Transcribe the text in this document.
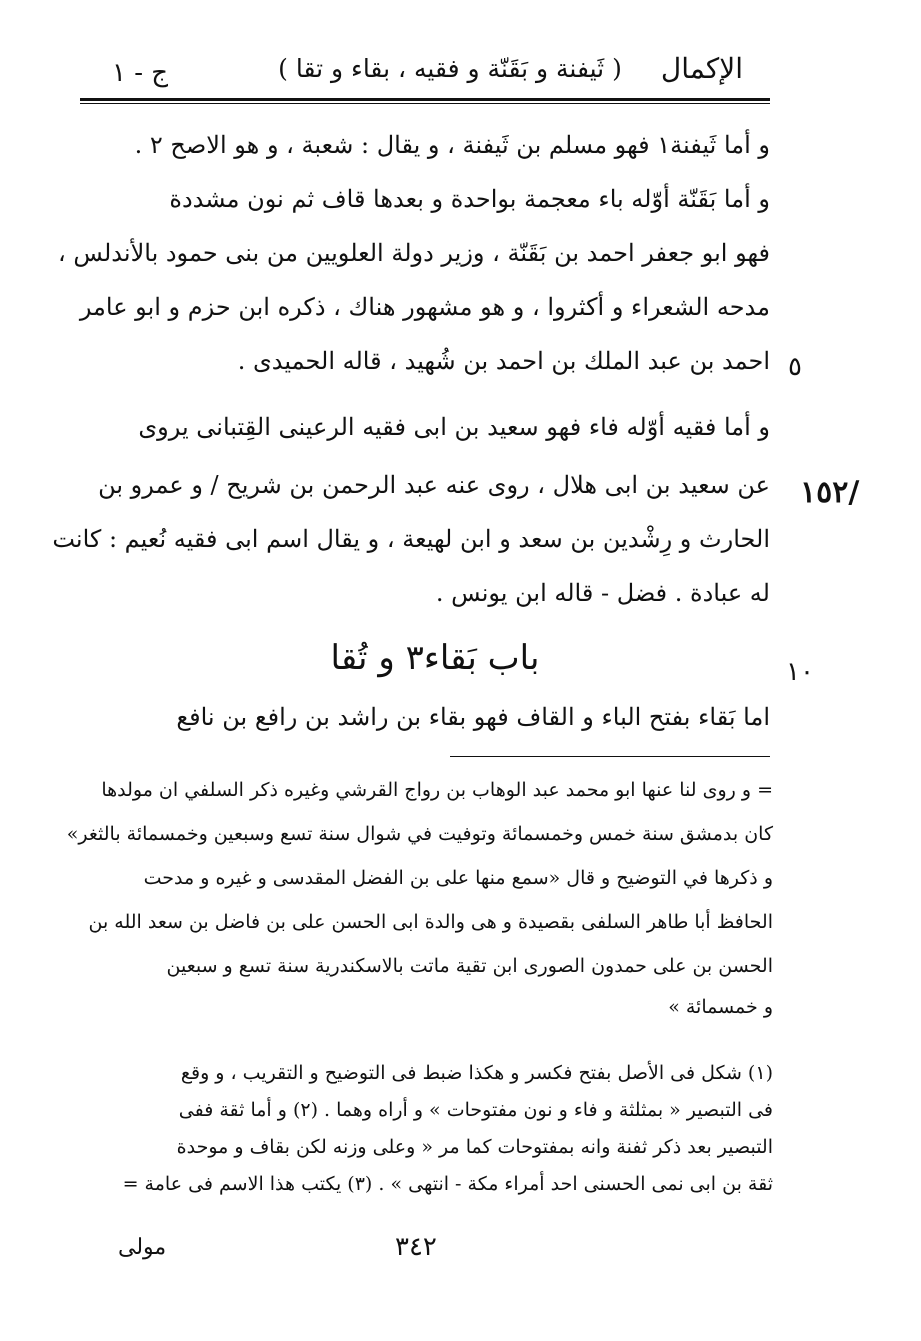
ج - ١	( ثَيفنة و بَقَنّة و فقيه ، بقاء و تقا )	الإكمال
و أما ثَيفنة١ فهو مسلم بن ثَيفنة ، و يقال : شعبة ، و هو الاصح ٢ .
و أما بَقَنّة أوّله باء معجمة بواحدة و بعدها قاف ثم نون مشددة
فهو ابو جعفر احمد بن بَقَنّة ، وزير دولة العلويين من بنى حمود بالأندلس ،
مدحه الشعراء و أكثروا ، و هو مشهور هناك ، ذكره ابن حزم و ابو عامر
احمد بن عبد الملك بن احمد بن شُهيد ، قاله الحميدى .
و أما فقيه أوّله فاء فهو سعيد بن ابى فقيه الرعينى القِتبانى يروى
عن سعيد بن ابى هلال ، روى عنه عبد الرحمن بن شريح / و عمرو بن
الحارث و رِشْدين بن سعد و ابن لهيعة ، و يقال اسم ابى فقيه نُعيم : كانت
له عبادة . فضل - قاله ابن يونس .
٥
١٥٢/
١٠
باب بَقاء٣ و تُقا
اما بَقاء بفتح الباء و القاف فهو بقاء بن راشد بن رافع بن نافع
= و روى لنا عنها ابو محمد عبد الوهاب بن رواج القرشي وغيره ذكر السلفي ان مولدها
كان بدمشق سنة خمس وخمسمائة وتوفيت في شوال سنة تسع وسبعين وخمسمائة بالثغر»
و ذكرها في التوضيح و قال «سمع منها على بن الفضل المقدسى و غيره و مدحت
الحافظ أبا طاهر السلفى بقصيدة و هى والدة ابى الحسن على بن فاضل بن سعد الله بن
الحسن بن على حمدون الصورى ابن تقية ماتت بالاسكندرية سنة تسع و سبعين
و خمسمائة »
(١) شكل فى الأصل بفتح فكسر و هكذا ضبط فى التوضيح و التقريب ، و وقع
فى التبصير « بمثلثة و فاء و نون مفتوحات » و أراه وهما . (٢) و أما ثقة ففى
التبصير بعد ذكر ثفنة وانه بمفتوحات كما مر « وعلى وزنه لكن بقاف و موحدة
ثقة بن ابى نمى الحسنى احد أمراء مكة - انتهى » . (٣) يكتب هذا الاسم فى عامة =
٣٤٢
مولى
